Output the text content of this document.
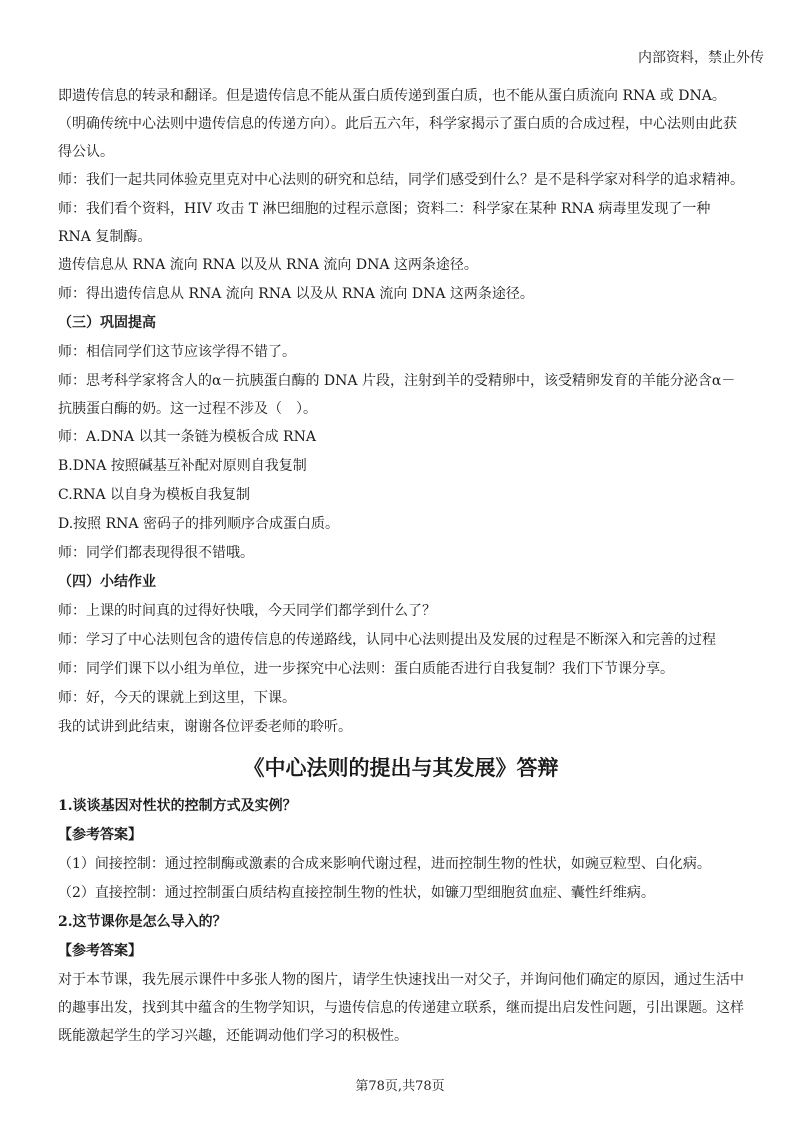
内部资料，禁止外传

即遗传信息的转录和翻译。但是遗传信息不能从蛋白质传递到蛋白质，也不能从蛋白质流向 RNA 或 DNA。（明确传统中心法则中遗传信息的传递方向）。此后五六年，科学家揭示了蛋白质的合成过程，中心法则由此获得公认。

师：我们一起共同体验克里克对中心法则的研究和总结，同学们感受到什么？是不是科学家对科学的追求精神。

师：我们看个资料，HIV 攻击 T 淋巴细胞的过程示意图；资料二：科学家在某种 RNA 病毒里发现了一种 RNA 复制酶。

遗传信息从 RNA 流向 RNA 以及从 RNA 流向 DNA 这两条途径。

师：得出遗传信息从 RNA 流向 RNA 以及从 RNA 流向 DNA 这两条途径。

（三）巩固提高

师：相信同学们这节应该学得不错了。

师：思考科学家将含人的α－抗胰蛋白酶的 DNA 片段，注射到羊的受精卵中，该受精卵发育的羊能分泌含α－抗胰蛋白酶的奶。这一过程不涉及（　）。

师：A.DNA 以其一条链为模板合成 RNA

B.DNA 按照碱基互补配对原则自我复制

C.RNA 以自身为模板自我复制

D.按照 RNA 密码子的排列顺序合成蛋白质。

师：同学们都表现得很不错哦。

（四）小结作业

师：上课的时间真的过得好快哦，今天同学们都学到什么了？

师：学习了中心法则包含的遗传信息的传递路线，认同中心法则提出及发展的过程是不断深入和完善的过程

师：同学们课下以小组为单位，进一步探究中心法则：蛋白质能否进行自我复制？我们下节课分享。

师：好，今天的课就上到这里，下课。

我的试讲到此结束，谢谢各位评委老师的聆听。

《中心法则的提出与其发展》答辩

1.谈谈基因对性状的控制方式及实例？

【参考答案】

（1）间接控制：通过控制酶或激素的合成来影响代谢过程，进而控制生物的性状，如豌豆粒型、白化病。

（2）直接控制：通过控制蛋白质结构直接控制生物的性状，如镰刀型细胞贫血症、囊性纤维病。

2.这节课你是怎么导入的？

【参考答案】

对于本节课，我先展示课件中多张人物的图片，请学生快速找出一对父子，并询问他们确定的原因，通过生活中的趣事出发，找到其中蕴含的生物学知识，与遗传信息的传递建立联系，继而提出启发性问题，引出课题。这样既能激起学生的学习兴趣，还能调动他们学习的积极性。

第78页,共78页
